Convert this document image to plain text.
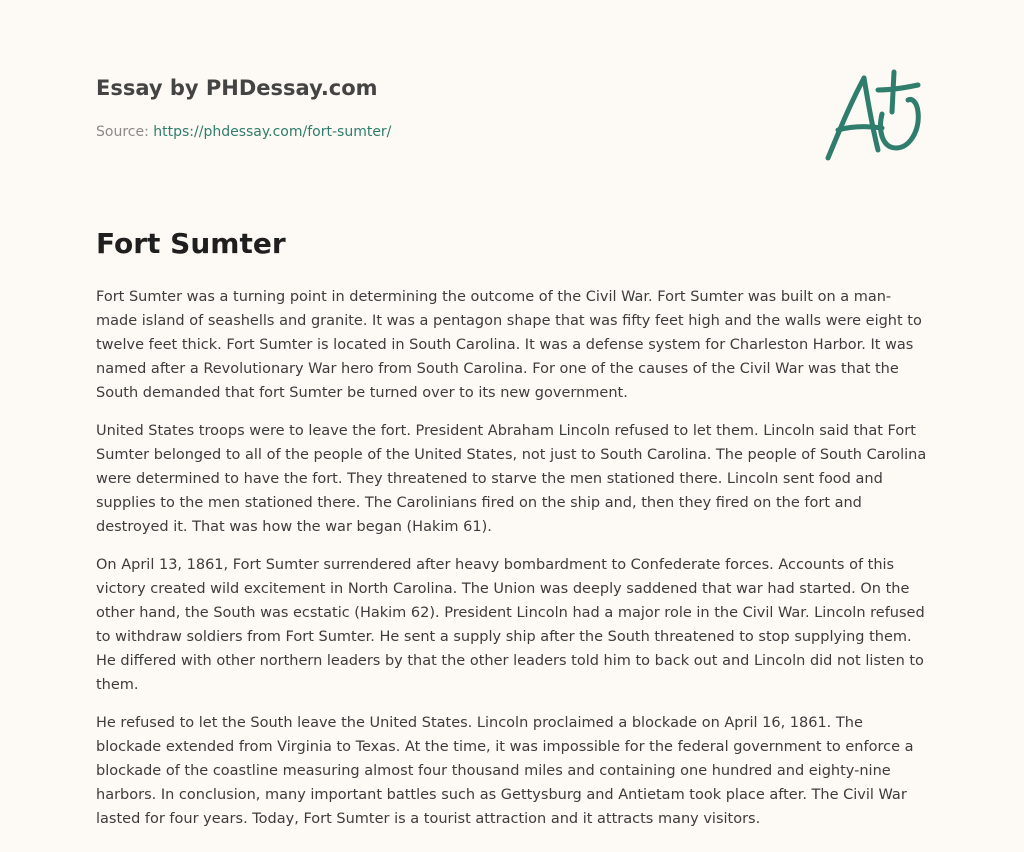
Essay by PHDessay.com

Source: https://phdessay.com/fort-sumter/

Fort Sumter

Fort Sumter was a turning point in determining the outcome of the Civil War. Fort Sumter was built on a man-made island of seashells and granite. It was a pentagon shape that was fifty feet high and the walls were eight to twelve feet thick. Fort Sumter is located in South Carolina. It was a defense system for Charleston Harbor. It was named after a Revolutionary War hero from South Carolina. For one of the causes of the Civil War was that the South demanded that fort Sumter be turned over to its new government.

United States troops were to leave the fort. President Abraham Lincoln refused to let them. Lincoln said that Fort Sumter belonged to all of the people of the United States, not just to South Carolina. The people of South Carolina were determined to have the fort. They threatened to starve the men stationed there. Lincoln sent food and supplies to the men stationed there. The Carolinians fired on the ship and, then they fired on the fort and destroyed it. That was how the war began (Hakim 61).

On April 13, 1861, Fort Sumter surrendered after heavy bombardment to Confederate forces. Accounts of this victory created wild excitement in North Carolina. The Union was deeply saddened that war had started. On the other hand, the South was ecstatic (Hakim 62). President Lincoln had a major role in the Civil War. Lincoln refused to withdraw soldiers from Fort Sumter. He sent a supply ship after the South threatened to stop supplying them. He differed with other northern leaders by that the other leaders told him to back out and Lincoln did not listen to them.

He refused to let the South leave the United States. Lincoln proclaimed a blockade on April 16, 1861. The blockade extended from Virginia to Texas. At the time, it was impossible for the federal government to enforce a blockade of the coastline measuring almost four thousand miles and containing one hundred and eighty-nine harbors. In conclusion, many important battles such as Gettysburg and Antietam took place after. The Civil War lasted for four years. Today, Fort Sumter is a tourist attraction and it attracts many visitors.
